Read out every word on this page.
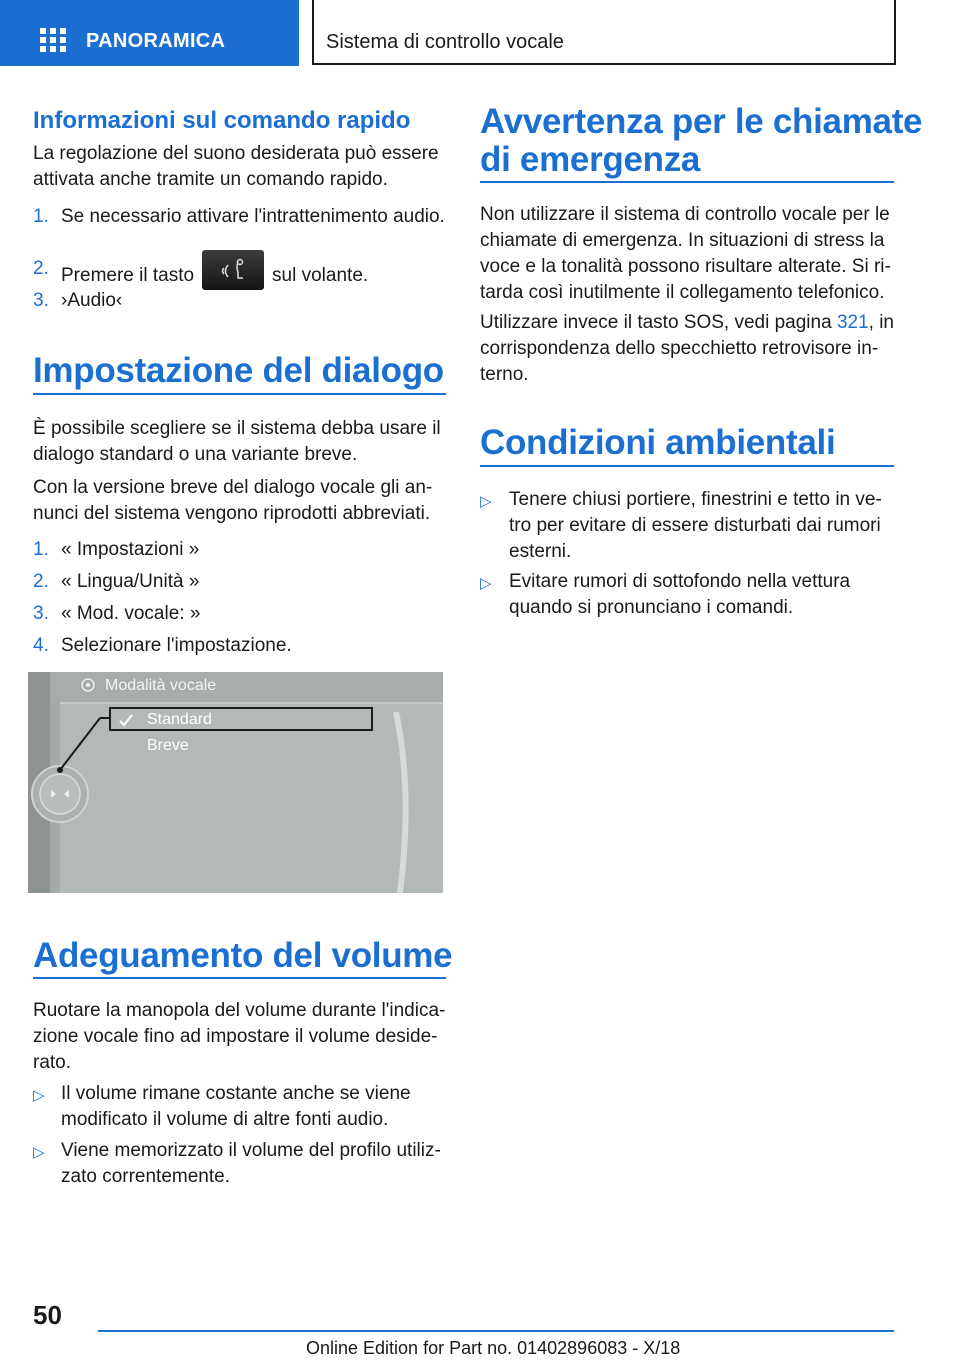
PANORAMICA	Sistema di controllo vocale
Informazioni sul comando rapido
La regolazione del suono desiderata può essere
attivata anche tramite un comando rapido.
1. Se necessario attivare l'intrattenimento audio.
2. Premere il tasto	sul volante.
3. ›Audio‹
Impostazione del dialogo
È possibile scegliere se il sistema debba usare il
dialogo standard o una variante breve.
Con la versione breve del dialogo vocale gli an-
nunci del sistema vengono riprodotti abbreviati.
1. « Impostazioni »
2. « Lingua/Unità »
3. « Mod. vocale: »
4. Selezionare l'impostazione.
Modalità vocale
Standard
Breve
Adeguamento del volume
Ruotare la manopola del volume durante l'indica-
zione vocale fino ad impostare il volume deside-
rato.
▷ Il volume rimane costante anche se viene
modificato il volume di altre fonti audio.
▷ Viene memorizzato il volume del profilo utiliz-
zato correntemente.
Avvertenza per le chiamate
di emergenza
Non utilizzare il sistema di controllo vocale per le
chiamate di emergenza. In situazioni di stress la
voce e la tonalità possono risultare alterate. Si ri-
tarda così inutilmente il collegamento telefonico.
Utilizzare invece il tasto SOS, vedi pagina 321, in
corrispondenza dello specchietto retrovisore in-
terno.
Condizioni ambientali
▷ Tenere chiusi portiere, finestrini e tetto in ve-
tro per evitare di essere disturbati dai rumori
esterni.
▷ Evitare rumori di sottofondo nella vettura
quando si pronunciano i comandi.
50
Online Edition for Part no. 01402896083 - X/18
